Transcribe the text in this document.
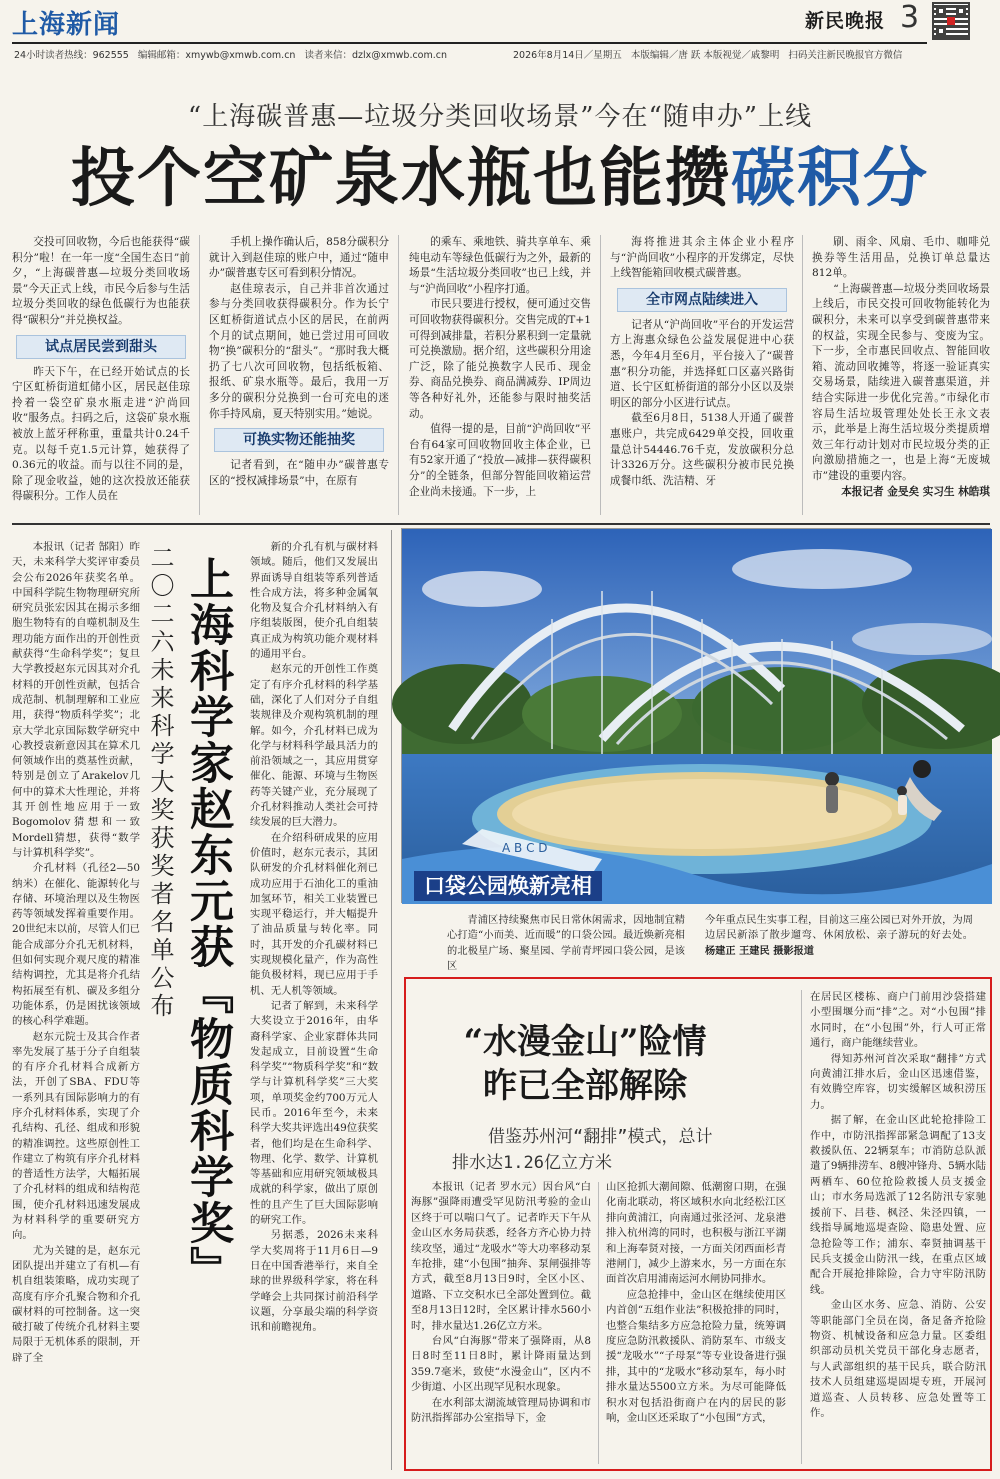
上海新闻	新民晚报 3
24小时读者热线：962555 编辑邮箱：xmywb@xmwb.com.cn 读者来信：dzlx@xmwb.com.cn	2026年8月14日／星期五 本版编辑／唐 跃 本版视觉／戚黎明 扫码关注新民晚报官方微信
“上海碳普惠—垃圾分类回收场景”今在“随申办”上线
投个空矿泉水瓶也能攒碳积分

交投可回收物，今后也能获得“碳积分”啦！在一年一度“全国生态日”前夕，“上海碳普惠—垃圾分类回收场景”今天正式上线，市民今后参与生活垃圾分类回收的绿色低碳行为也能获得“碳积分”并兑换权益。

试点居民尝到甜头

昨天下午，在已经开始试点的长宁区虹桥街道虹储小区，居民赵佳琼拎着一袋空矿泉水瓶走进“沪尚回收”服务点。扫码之后，这袋矿泉水瓶被放上蓝牙秤称重，重量共计0.24千克。以每千克1.5元计算，她获得了0.36元的收益。而与以往不同的是，除了现金收益，她的这次投放还能获得碳积分。工作人员在

手机上操作确认后，858分碳积分就计入到赵佳琼的账户中，通过“随申办”碳普惠专区可看到积分情况。

赵佳琼表示，自己并非首次通过参与分类回收获得碳积分。作为长宁区虹桥街道试点小区的居民，在前两个月的试点期间，她已尝过用可回收物“换”碳积分的“甜头”。“那时我大概扔了七八次可回收物，包括纸板箱、报纸、矿泉水瓶等。最后，我用一万多分的碳积分兑换到一台可充电的迷你手持风扇，夏天特别实用。”她说。

可换实物还能抽奖

记者看到，在“随申办”碳普惠专区的“授权减排场景”中，在原有

的乘车、乘地铁、骑共享单车、乘纯电动车等绿色低碳行为之外，最新的场景“生活垃圾分类回收”也已上线，并与“沪尚回收”小程序打通。

市民只要进行授权，便可通过交售可回收物获得碳积分。交售完成的T+1可得到减排量，若积分累积到一定量就可兑换激励。据介绍，这些碳积分用途广泛，除了能兑换数字人民币、现金券、商品兑换券、商品满减券、IP周边等各种好礼外，还能参与限时抽奖活动。

值得一提的是，目前“沪尚回收”平台有64家可回收物回收主体企业，已有52家开通了“投放—减排—获得碳积分”的全链条，但部分智能回收箱运营企业尚未接通。下一步，上

海将推进其余主体企业小程序与“沪尚回收”小程序的开发绑定，尽快上线智能箱回收模式碳普惠。

全市网点陆续进入

记者从“沪尚回收”平台的开发运营方上海惠众绿色公益发展促进中心获悉，今年4月至6月，平台接入了“碳普惠”积分功能，并选择虹口区嘉兴路街道、长宁区虹桥街道的部分小区以及崇明区的部分小区进行试点。

截至6月8日，5138人开通了碳普惠账户，共完成6429单交投，回收重量总计54446.76千克，发放碳积分总计3326万分。这些碳积分被市民兑换成餐巾纸、洗洁精、牙

刷、雨伞、风扇、毛巾、咖啡兑换券等生活用品，兑换订单总量达812单。

“上海碳普惠—垃圾分类回收场景上线后，市民交投可回收物能转化为碳积分，未来可以享受到碳普惠带来的权益，实现全民参与、变废为宝。下一步，全市惠民回收点、智能回收箱、流动回收摊等，将逐一验证真实交易场景，陆续进入碳普惠渠道，并结合实际进一步优化完善。”市绿化市容局生活垃圾管理处处长王永文表示，此举是上海生活垃圾分类提质增效三年行动计划对市民垃圾分类的正向激励措施之一，也是上海“无废城市”建设的重要内容。

本报记者 金旻矣 实习生 林皓琪

本报讯（记者 郜阳）昨天，未来科学大奖评审委员会公布2026年获奖名单。中国科学院生物物理研究所研究员张宏因其在揭示多细胞生物特有的自噬机制及生理功能方面作出的开创性贡献获得“生命科学奖”；复旦大学教授赵东元因其对介孔材料的开创性贡献，包括合成范制、机制理解和工业应用，获得“物质科学奖”；北京大学北京国际数学研究中心教授袁新意因其在算术几何领域作出的奠基性贡献，特别是创立了Arakelov几何中的算术大性理论，并将其开创性地应用于一致Bogomolov猜想和一致Mordell猜想，获得“数学与计算机科学奖”。

介孔材料（孔径2—50纳米）在催化、能源转化与存储、环境治理以及生物医药等领域发挥着重要作用。20世纪末以前，尽管人们已能合成部分介孔无机材料，但如何实现介观尺度的精准结构调控，尤其是将介孔结构拓展至有机、碳及多组分功能体系，仍是困扰该领域的核心科学难题。

赵东元院士及其合作者率先发展了基于分子自组装的有序介孔材料合成新方法，开创了SBA、FDU等一系列具有国际影响力的有序介孔材料体系，实现了介孔结构、孔径、组成和形貌的精准调控。这些原创性工作建立了构筑有序介孔材料的普适性方法学，大幅拓展了介孔材料的组成和结构范围，使介孔材料迅速发展成为材料科学的重要研究方向。

尤为关键的是，赵东元团队提出并建立了有机—有机自组装策略，成功实现了高度有序介孔聚合物和介孔碳材料的可控制备。这一突破打破了传统介孔材料主要局限于无机体系的限制，开辟了全

二〇二六未来科学大奖获奖者名单公布 上海科学家赵东元获『物质科学奖』

新的介孔有机与碳材料领域。随后，他们又发展出界面诱导自组装等系列普适性合成方法，将多种金属氧化物及复合介孔材料纳入有序组装版图，使介孔自组装真正成为构筑功能介观材料的通用平台。

赵东元的开创性工作奠定了有序介孔材料的科学基础，深化了人们对分子自组装规律及介观构筑机制的理解。如今，介孔材料已成为化学与材料科学最具活力的前沿领域之一，其应用贯穿催化、能源、环境与生物医药等关键产业，充分展现了介孔材料推动人类社会可持续发展的巨大潜力。

在介绍科研成果的应用价值时，赵东元表示，其团队研发的介孔材料催化剂已成功应用于石油化工的重油加氢环节，相关工业装置已实现平稳运行，并大幅提升了油品质量与转化率。同时，其开发的介孔碳材料已实现规模化量产，作为高性能负极材料，现已应用于手机、无人机等领域。

记者了解到，未来科学大奖设立于2016年，由华裔科学家、企业家群体共同发起成立，目前设置“生命科学奖”“物质科学奖”和“数学与计算机科学奖”三大奖项，单项奖金约700万元人民币。2016年至今，未来科学大奖共评选出49位获奖者，他们均是在生命科学、物理、化学、数学、计算机等基础和应用研究领域极具成就的科学家，做出了原创性的且产生了巨大国际影响的研究工作。

另据悉，2026未来科学大奖周将于11月6日—9日在中国香港举行，来自全球的世界级科学家，将在科学峰会上共同探讨前沿科学议题，分享最尖端的科学资讯和前瞻视角。

A B C D
口袋公园焕新亮相

青浦区持续聚焦市民日常休闲需求，因地制宜精心打造“小而美、近而暖”的口袋公园。最近焕新亮相的北极星广场、聚星园、学前青坪园口袋公园，是该区

今年重点民生实事工程，目前这三座公园已对外开放，为周边居民新添了散步遛弯、休闲放松、亲子游玩的好去处。 杨建正 王建民 摄影报道

“水漫金山”险情
昨已全部解除
借鉴苏州河“翻排”模式，总计
排水达1.26亿立方米

本报讯（记者 罗水元）因台风“白海豚”强降雨遭受罕见防汛考验的金山区终于可以喘口气了。记者昨天下午从金山区水务局获悉，经各方齐心协力持续攻坚，通过“龙吸水”等大功率移动泵车抢排，建“小包围”抽奔、泵闸强排等方式，截至8月13日9时，全区小区、道路、下立交积水已全部处置到位。截至8月13日12时，全区累计排水560小时，排水量达1.26亿立方米。

台风“白海豚”带来了强降雨，从8日8时至11日8时，累计降雨量达到359.7毫米，致使“水漫金山”，区内不少街道、小区出现罕见积水现象。

在水利部太湖流域管理局协调和市防汛指挥部办公室指导下，金

山区抢抓大潮间隙、低潮窗口期，在强化南北联动，将区域积水向北经松江区排向黄浦江，向南通过张泾河、龙泉港排入杭州湾的同时，也积极与浙江平湖和上海奉贤对接，一方面关闭西面杉青港闸门，减少上游来水，另一方面在东面首次启用浦南运河水闸协同排水。

应急抢排中，金山区在继续使用区内首创“五组作业法”积极抢排的同时，也整合集结多方应急抢险力量，统筹调度应急防汛救援队、消防泵车、市级支援“龙吸水”“子母泵”等专业设备进行强排，其中的“龙吸水”移动泵车，每小时排水量达5500立方米。为尽可能降低积水对包括沿街商户在内的居民的影响，金山区还采取了“小包围”方式，

在居民区楼栋、商户门前用沙袋搭建小型围堰分而“排”之。对“小包围”排水同时，在“小包围”外，行人可正常通行，商户能继续营业。

得知苏州河首次采取“翻排”方式向黄浦江排水后，金山区迅速借鉴，有效腾空库容，切实缓解区域积涝压力。

据了解，在金山区此轮抢排险工作中，市防汛指挥部紧急调配了13支救援队伍、22辆泵车；市消防总队派遣了9辆排涝车、8艘冲锋舟、5辆水陆两栖车、60位抢险救援人员支援金山；市水务局选派了12名防汛专家驰援前下、吕巷、枫泾、朱泾四镇，一线指导属地巡堤查险、隐患处置、应急抢险等工作；浦东、奉贤抽调基干民兵支援金山防汛一线，在重点区域配合开展抢排除险，合力守牢防汛防线。

金山区水务、应急、消防、公安等职能部门全员在岗，备足备齐抢险物资、机械设备和应急力量。区委组织部动员机关党员干部化身志愿者，与人武部组织的基干民兵，联合防汛技术人员组建巡堤固堤专班，开展河道巡查、人员转移、应急处置等工作。
